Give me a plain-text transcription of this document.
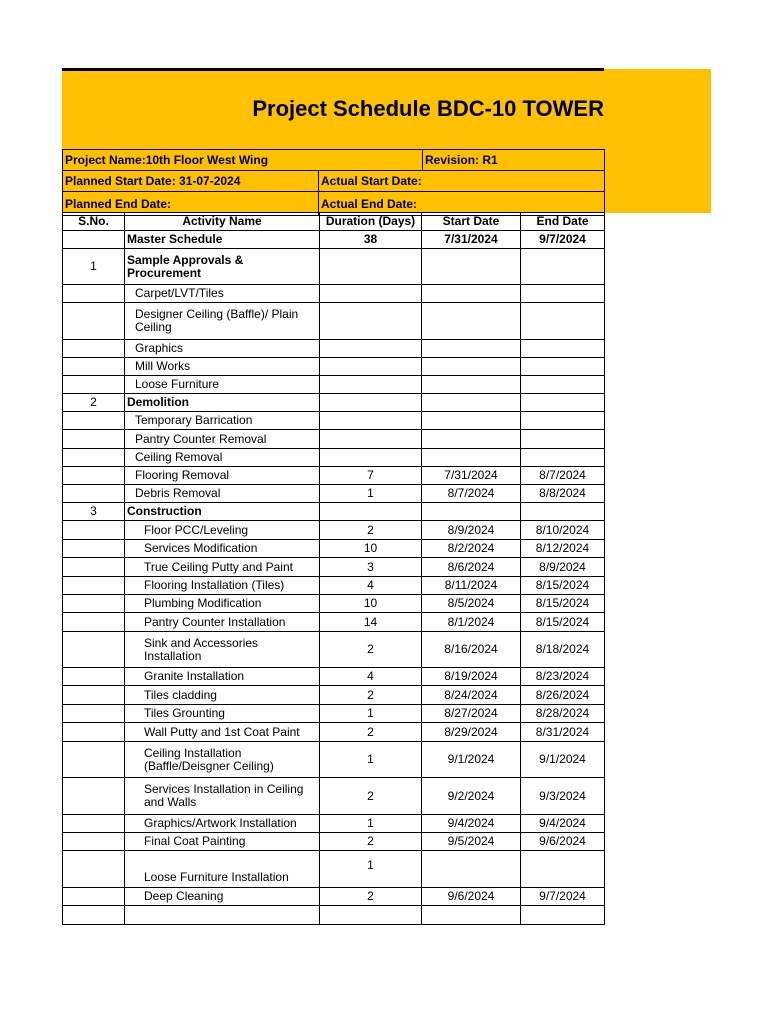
Project Schedule BDC-10 TOWER
Project Name:10th Floor West Wing		Revision: R1
Planned Start Date: 31-07-2024	Actual Start Date:	
Planned End Date:	Actual End Date:	
S.No.	Activity Name	Duration (Days)	Start Date	End Date
	Master Schedule	38	7/31/2024	9/7/2024
1	Sample Approvals & Procurement			
	Carpet/LVT/Tiles			
	Designer Ceiling (Baffle)/ Plain Ceiling			
	Graphics			
	Mill Works			
	Loose Furniture			
2	Demolition			
	Temporary Barrication			
	Pantry Counter Removal			
	Ceiling Removal			
	Flooring Removal	7	7/31/2024	8/7/2024
	Debris Removal	1	8/7/2024	8/8/2024
3	Construction			
	Floor PCC/Leveling	2	8/9/2024	8/10/2024
	Services Modification	10	8/2/2024	8/12/2024
	True Ceiling Putty and Paint	3	8/6/2024	8/9/2024
	Flooring Installation (Tiles)	4	8/11/2024	8/15/2024
	Plumbing Modification	10	8/5/2024	8/15/2024
	Pantry Counter Installation	14	8/1/2024	8/15/2024
	Sink and Accessories Installation	2	8/16/2024	8/18/2024
	Granite Installation	4	8/19/2024	8/23/2024
	Tiles cladding	2	8/24/2024	8/26/2024
	Tiles Grounting	1	8/27/2024	8/28/2024
	Wall Putty and 1st Coat Paint	2	8/29/2024	8/31/2024
	Ceiling Installation (Baffle/Deisgner Ceiling)	1	9/1/2024	9/1/2024
	Services Installation in Ceiling and Walls	2	9/2/2024	9/3/2024
	Graphics/Artwork Installation	1	9/4/2024	9/4/2024
	Final Coat Painting	2	9/5/2024	9/6/2024
	Loose Furniture Installation	1		
	Deep Cleaning	2	9/6/2024	9/7/2024
